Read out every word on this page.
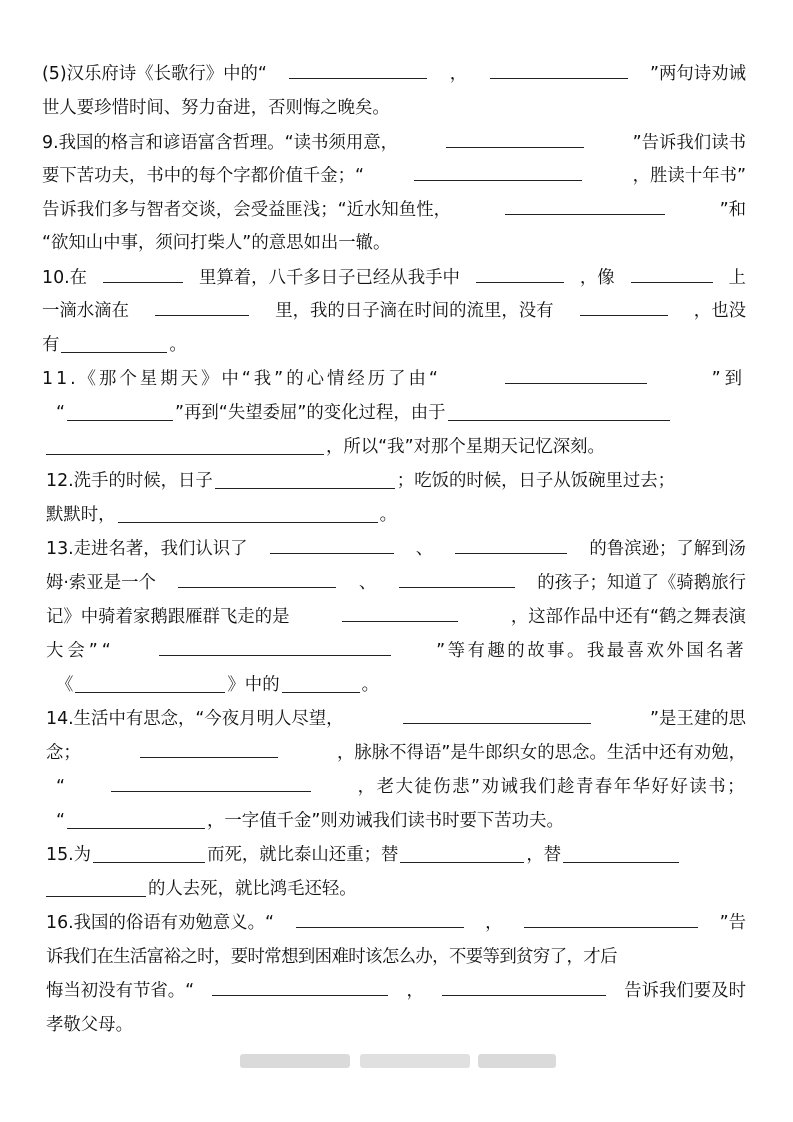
(5)汉乐府诗《长歌行》中的“	，	”两句诗劝诫
世人要珍惜时间、努力奋进，否则悔之晚矣。
9.我国的格言和谚语富含哲理。“读书须用意，	”告诉我们读书
要下苦功夫，书中的每个字都价值千金；“	，胜读十年书”
告诉我们多与智者交谈，会受益匪浅；“近水知鱼性，	”和
“欲知山中事，须问打柴人”的意思如出一辙。
10.在	里算着，八千多日子已经从我手中	，像	上
一滴水滴在	里，我的日子滴在时间的流里，没有	，也没
有	。
11.《那个星期天》中“我”的心情经历了由“	”到
“	”再到“失望委屈”的变化过程，由于
，所以“我”对那个星期天记忆深刻。
12.洗手的时候，日子	；吃饭的时候，日子从饭碗里过去；
默默时，	。
13.走进名著，我们认识了	、	的鲁滨逊；了解到汤
姆·索亚是一个	、	的孩子；知道了《骑鹅旅行
记》中骑着家鹅跟雁群飞走的是	，这部作品中还有“鹤之舞表演
大会”“	”等有趣的故事。我最喜欢外国名著
《	》中的	。
14.生活中有思念，“今夜月明人尽望，	”是王建的思
念；	，脉脉不得语”是牛郎织女的思念。生活中还有劝勉，
“	，老大徒伤悲”劝诫我们趁青春年华好好读书；
“	，一字值千金”则劝诫我们读书时要下苦功夫。
15.为	而死，就比泰山还重；替	，替
的人去死，就比鸿毛还轻。
16.我国的俗语有劝勉意义。“	，	”告
诉我们在生活富裕之时，要时常想到困难时该怎么办，不要等到贫穷了，才后
悔当初没有节省。“	，	告诉我们要及时
孝敬父母。
